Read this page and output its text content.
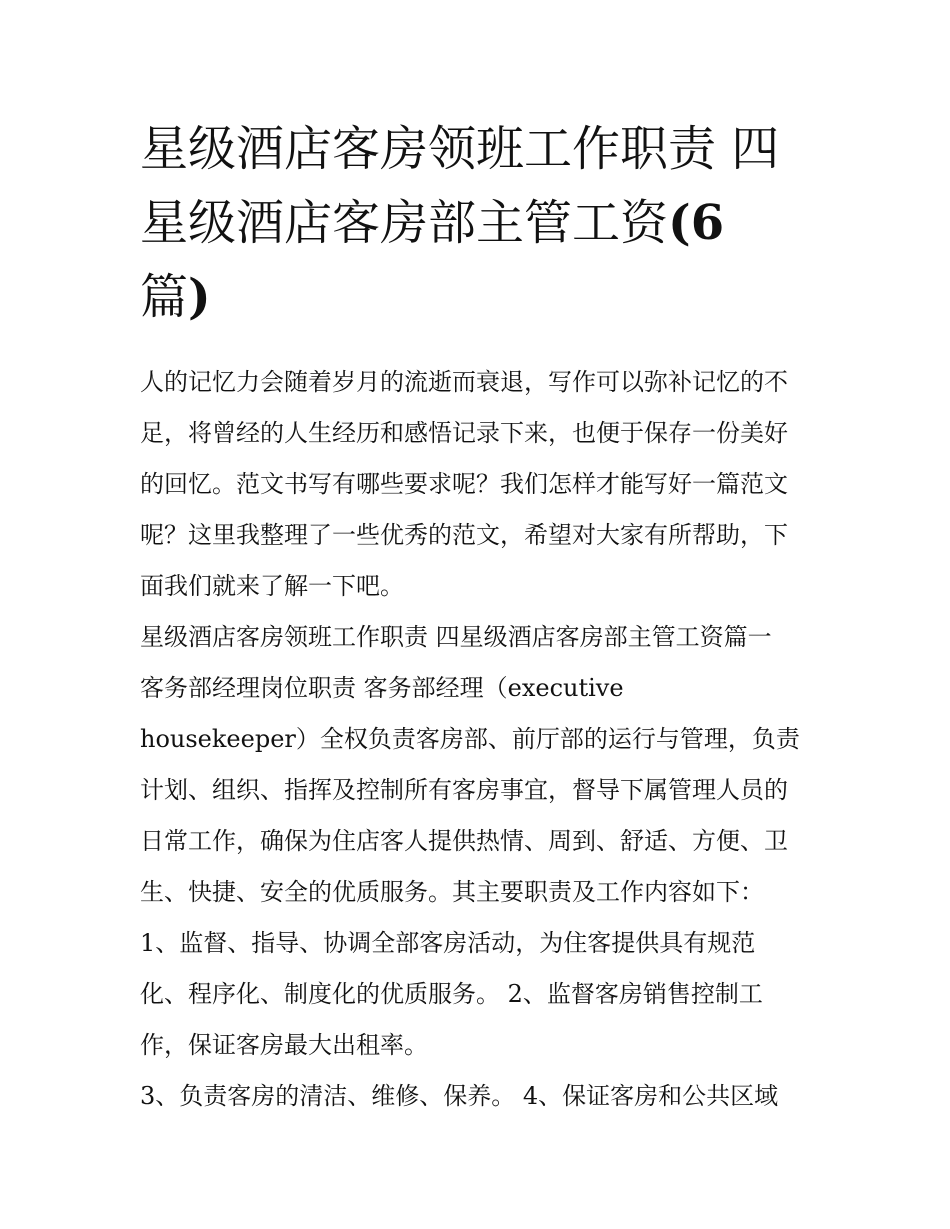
星级酒店客房领班工作职责 四
星级酒店客房部主管工资(6
篇)
人的记忆力会随着岁月的流逝而衰退，写作可以弥补记忆的不
足，将曾经的人生经历和感悟记录下来，也便于保存一份美好
的回忆。范文书写有哪些要求呢？我们怎样才能写好一篇范文
呢？这里我整理了一些优秀的范文，希望对大家有所帮助，下
面我们就来了解一下吧。
星级酒店客房领班工作职责 四星级酒店客房部主管工资篇一
客务部经理岗位职责 客务部经理（executive
housekeeper）全权负责客房部、前厅部的运行与管理，负责
计划、组织、指挥及控制所有客房事宜，督导下属管理人员的
日常工作，确保为住店客人提供热情、周到、舒适、方便、卫
生、快捷、安全的优质服务。其主要职责及工作内容如下：
1、监督、指导、协调全部客房活动，为住客提供具有规范
化、程序化、制度化的优质服务。 2、监督客房销售控制工
作，保证客房最大出租率。
3、负责客房的清洁、维修、保养。 4、保证客房和公共区域
